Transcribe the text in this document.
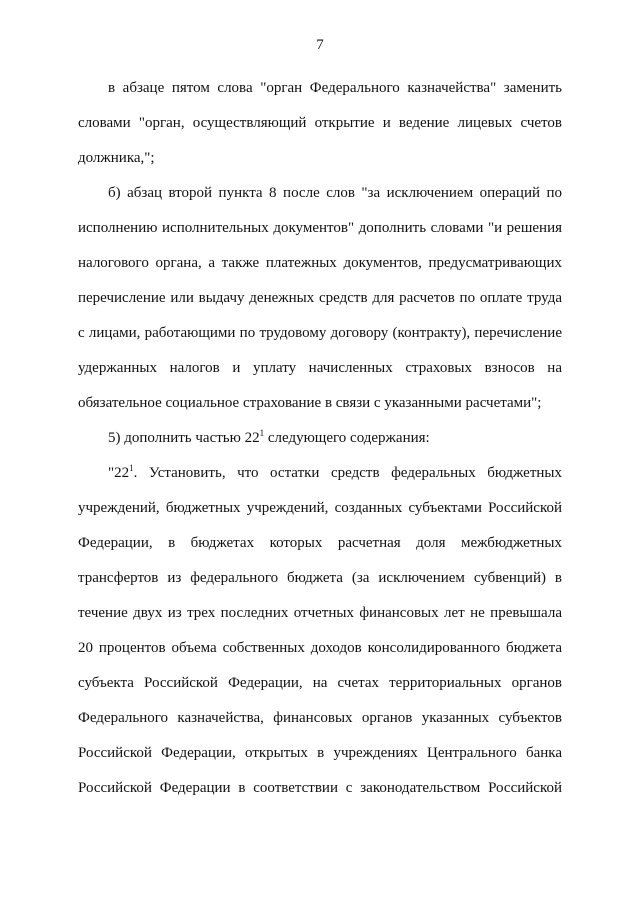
7
в абзаце пятом слова "орган Федерального казначейства" заменить
словами "орган, осуществляющий открытие и ведение лицевых счетов
должника,";
б) абзац второй пункта 8 после слов "за исключением операций по
исполнению исполнительных документов" дополнить словами "и решения
налогового органа, а также платежных документов, предусматривающих
перечисление или выдачу денежных средств для расчетов по оплате труда
с лицами, работающими по трудовому договору (контракту), перечисление
удержанных налогов и уплату начисленных страховых взносов на
обязательное социальное страхование в связи с указанными расчетами";
5) дополнить частью $22^1$ следующего содержания:
"$22^1$. Установить, что остатки средств федеральных бюджетных
учреждений, бюджетных учреждений, созданных субъектами Российской
Федерации, в бюджетах которых расчетная доля межбюджетных
трансфертов из федерального бюджета (за исключением субвенций) в
течение двух из трех последних отчетных финансовых лет не превышала
20 процентов объема собственных доходов консолидированного бюджета
субъекта Российской Федерации, на счетах территориальных органов
Федерального казначейства, финансовых органов указанных субъектов
Российской Федерации, открытых в учреждениях Центрального банка
Российской Федерации в соответствии с законодательством Российской
